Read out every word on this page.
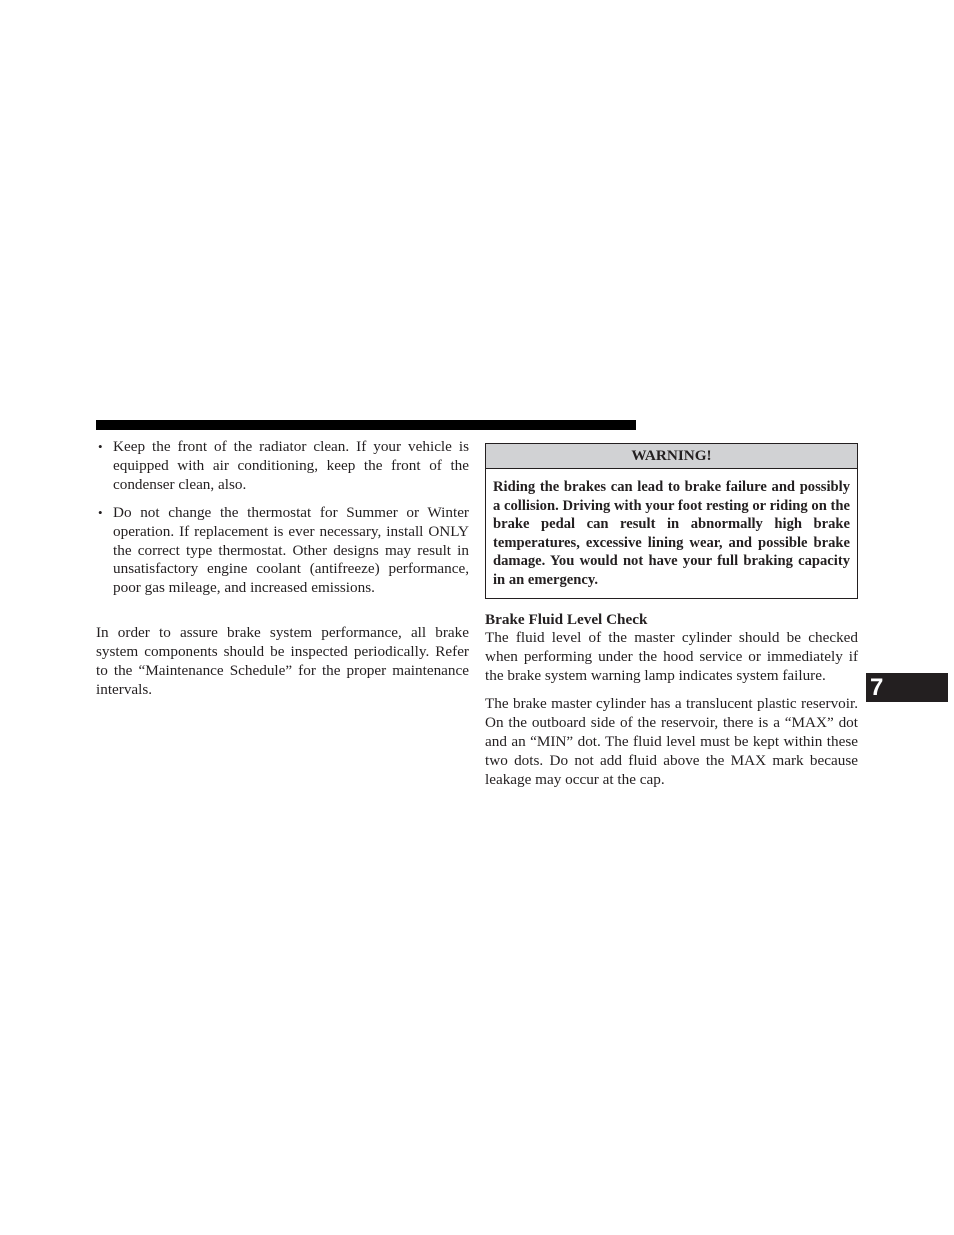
• Keep the front of the radiator clean. If your vehicle is equipped with air conditioning, keep the front of the condenser clean, also.
• Do not change the thermostat for Summer or Winter operation. If replacement is ever necessary, install ONLY the correct type thermostat. Other designs may result in unsatisfactory engine coolant (antifreeze) performance, poor gas mileage, and increased emissions.

In order to assure brake system performance, all brake system components should be inspected periodically. Refer to the “Maintenance Schedule” for the proper maintenance intervals.

WARNING!
Riding the brakes can lead to brake failure and possibly a collision. Driving with your foot resting or riding on the brake pedal can result in abnormally high brake temperatures, excessive lining wear, and possible brake damage. You would not have your full braking capacity in an emergency.
Brake Fluid Level Check

The fluid level of the master cylinder should be checked when performing under the hood service or immediately if the brake system warning lamp indicates system failure.

The brake master cylinder has a translucent plastic reservoir. On the outboard side of the reservoir, there is a “MAX” dot and an “MIN” dot. The fluid level must be kept within these two dots. Do not add fluid above the MAX mark because leakage may occur at the cap.

7
